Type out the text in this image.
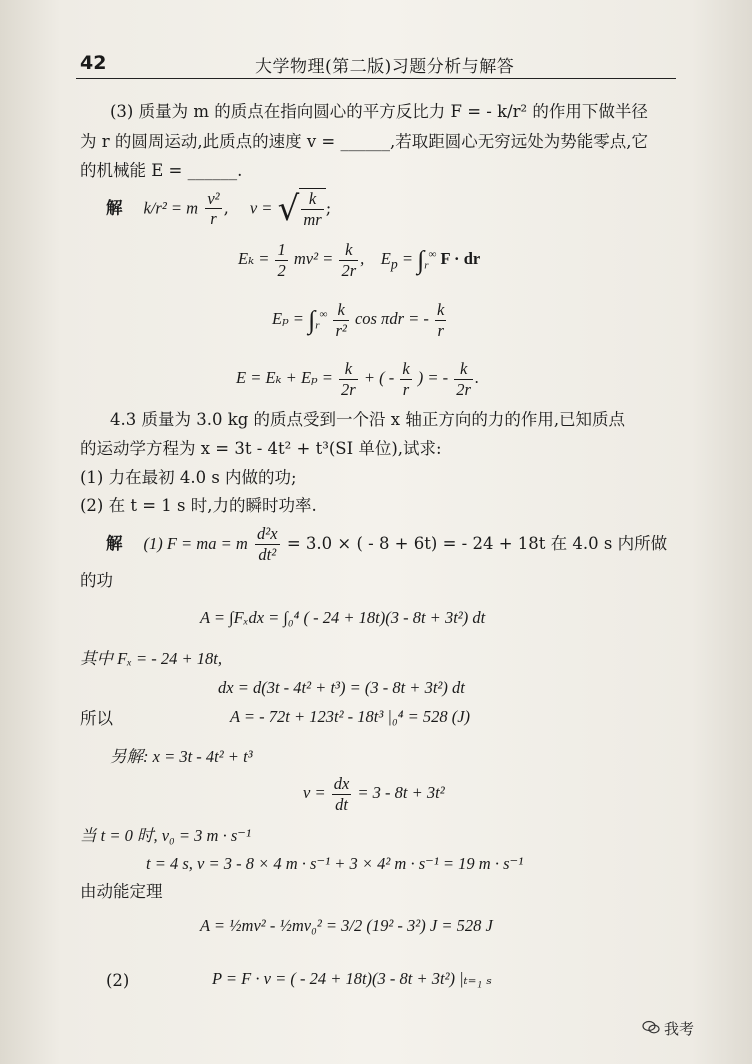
42	大学物理(第二版)习题分析与解答
(3) 质量为 m 的质点在指向圆心的平方反比力 F = - k/r² 的作用下做半径
为 r 的圆周运动,此质点的速度 v = ______,若取距圆心无穷远处为势能零点,它
的机械能 E = ______.
解 k/r² = m $\frac{\text{v²}}{r}$ ,    v = √ $\frac{k}{mr}$ ;
$E_k = \frac{1}{2} mv^2 = \frac{k}{2r}$ ,    $E_p = \int_r^\infty$ F · dr
$E_p = \int_r^\infty \frac{k}{\text{r²}}$ cos πdr = - $\frac{k}{r}$
$E = E_k + E_p = \frac{k}{2r}$ + ( - $\frac{k}{r}$ ) = - $\frac{k}{2r}$ .
4.3 质量为 3.0 kg 的质点受到一个沿 x 轴正方向的力的作用,已知质点
的运动学方程为 x = 3t - 4t² + t³(SI 单位),试求:
(1) 力在最初 4.0 s 内做的功;
(2) 在 t = 1 s 时,力的瞬时功率.
解 (1) F = ma = m $\frac{\text{d²x}}{\text{dt²}} = 3.0$ × ( - 8 + 6t) = - 24 + 18t 在 4.0 s 内所做
的功
A = ∫Fₓdx = ∫₀⁴ ( - 24 + 18t)(3 - 8t + 3t²) dt
其中 Fₓ = - 24 + 18t,
dx = d(3t - 4t² + t³) = (3 - 8t + 3t²) dt
所以	A = - 72t + 123t² - 18t³ |₀⁴ = 528 (J)
另解: x = 3t - 4t² + t³
$v = \frac{dx}{dt} = 3 - 8t + 3t^2$
当 t = 0 时, v₀ = 3 m · s⁻¹
t = 4 s, v = 3 - 8 × 4 m · s⁻¹ + 3 × 4² m · s⁻¹ = 19 m · s⁻¹
由动能定理
A = ½mv² - ½mv₀² = 3/2 (19² - 3²) J = 528 J
(2)	P = F · v = ( - 24 + 18t)(3 - 8t + 3t²) |ₜ₌₁ ₛ
我考
